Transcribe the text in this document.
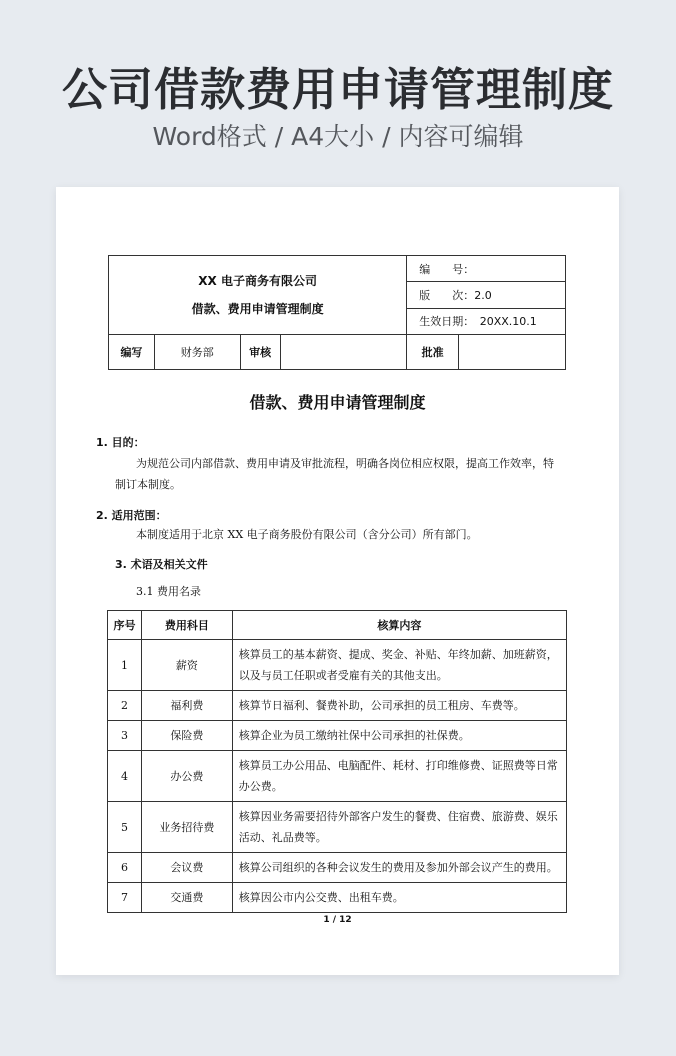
公司借款费用申请管理制度
Word格式 / A4大小 / 内容可编辑
XX 电子商务有限公司
借款、费用申请管理制度				编　　号：	
				版　　次：2.0	
				生效日期：　20XX.10.1	
编写	财务部	审核		批准	
借款、费用申请管理制度
1. 目的：
为规范公司内部借款、费用申请及审批流程，明确各岗位相应权限，提高工作效率，特
制订本制度。
2. 适用范围：
本制度适用于北京 XX 电子商务股份有限公司（含分公司）所有部门。
3. 术语及相关文件
3.1 费用名录
序号	费用科目	核算内容
1	薪资	核算员工的基本薪资、提成、奖金、补贴、年终加薪、加班薪资，以及与员工任职或者受雇有关的其他支出。
2	福利费	核算节日福利、餐费补助，公司承担的员工租房、车费等。
3	保险费	核算企业为员工缴纳社保中公司承担的社保费。
4	办公费	核算员工办公用品、电脑配件、耗材、打印维修费、证照费等日常办公费。
5	业务招待费	核算因业务需要招待外部客户发生的餐费、住宿费、旅游费、娱乐活动、礼品费等。
6	会议费	核算公司组织的各种会议发生的费用及参加外部会议产生的费用。
7	交通费	核算因公市内公交费、出租车费。
1 / 12
